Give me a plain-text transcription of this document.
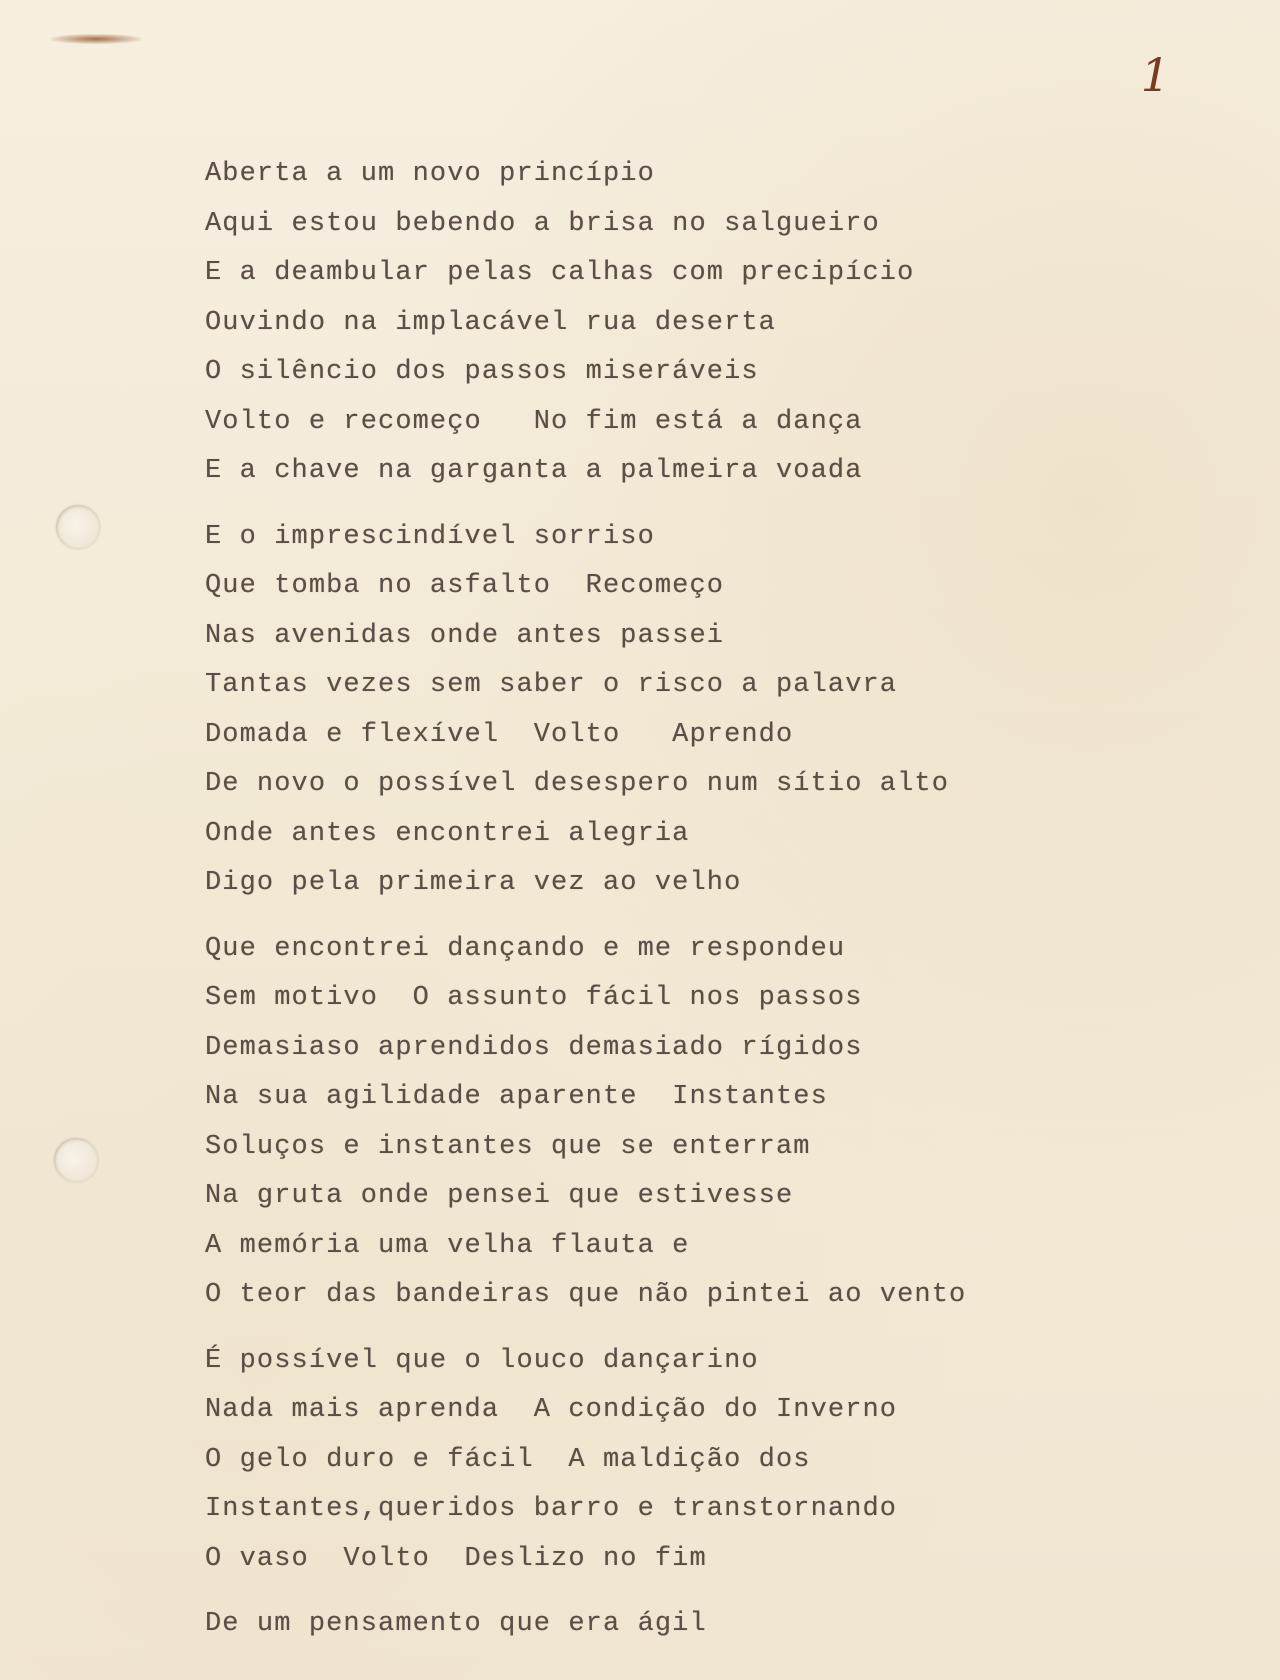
1
Aberta a um novo princípio
Aqui estou bebendo a brisa no salgueiro
E a deambular pelas calhas com precipício
Ouvindo na implacável rua deserta
O silêncio dos passos miseráveis
Volto e recomeço   No fim está a dança
E a chave na garganta a palmeira voada
E o imprescindível sorriso
Que tomba no asfalto  Recomeço
Nas avenidas onde antes passei
Tantas vezes sem saber o risco a palavra
Domada e flexível  Volto   Aprendo
De novo o possível desespero num sítio alto
Onde antes encontrei alegria
Digo pela primeira vez ao velho
Que encontrei dançando e me respondeu
Sem motivo  O assunto fácil nos passos
Demasiaso aprendidos demasiado rígidos
Na sua agilidade aparente  Instantes
Soluços e instantes que se enterram
Na gruta onde pensei que estivesse
A memória uma velha flauta e
O teor das bandeiras que não pintei ao vento
É possível que o louco dançarino
Nada mais aprenda  A condição do Inverno
O gelo duro e fácil  A maldição dos
Instantes,queridos barro e transtornando
O vaso  Volto  Deslizo no fim
De um pensamento que era ágil
